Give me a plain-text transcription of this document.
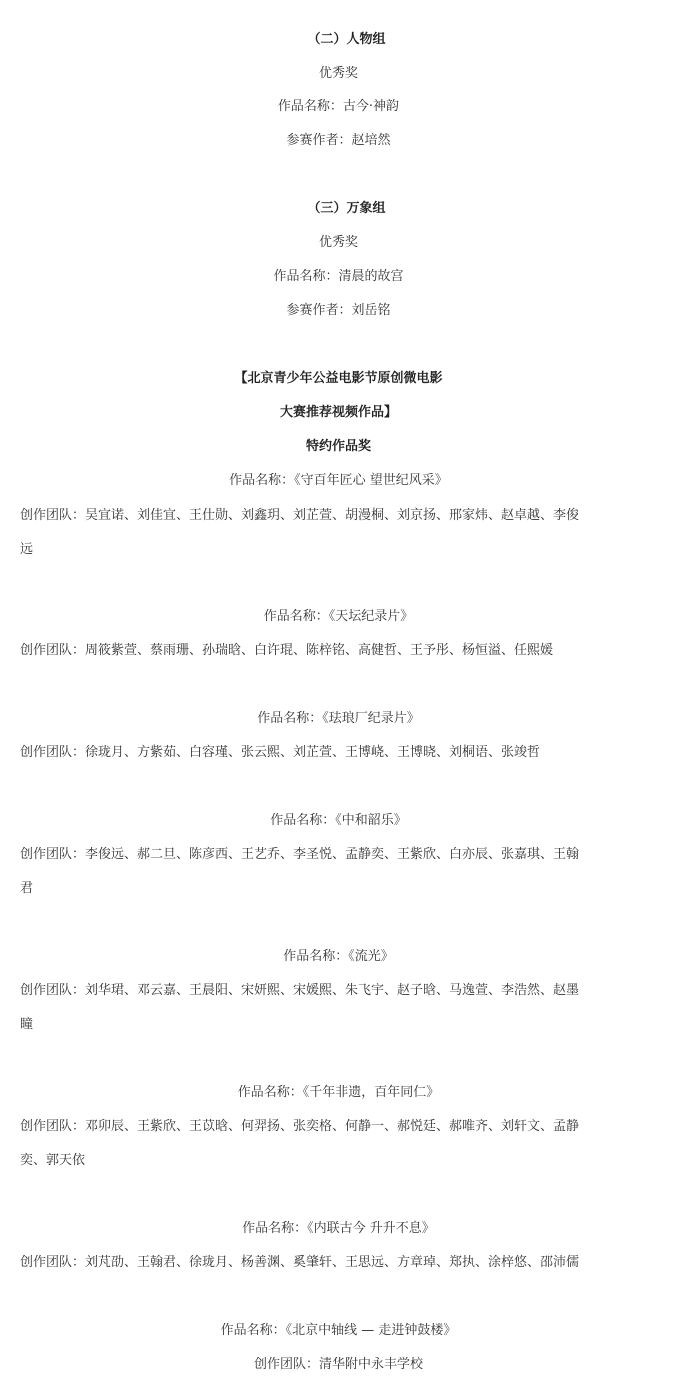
（二）人物组
优秀奖
作品名称：古今·神韵
参赛作者：赵培然
（三）万象组
优秀奖
作品名称：清晨的故宫
参赛作者：刘岳铭
【北京青少年公益电影节原创微电影
大赛推荐视频作品】
特约作品奖
作品名称：《守百年匠心 望世纪风采》
创作团队：吴宜诺、刘佳宜、王仕勋、刘鑫玥、刘芷萱、胡漫桐、刘京扬、邢家炜、赵卓越、李俊
远
作品名称：《天坛纪录片》
创作团队：周筱紫萱、蔡雨珊、孙瑞晗、白许琨、陈梓铭、高健哲、王予彤、杨恒溢、任熙媛
作品名称：《珐琅厂纪录片》
创作团队：徐珑月、方紫茹、白容瑾、张云熙、刘芷萱、王博峣、王博晓、刘桐语、张竣哲
作品名称：《中和韶乐》
创作团队：李俊远、郝二旦、陈彦西、王艺乔、李圣悦、孟静奕、王紫欣、白亦辰、张嘉琪、王翰
君
作品名称：《流光》
创作团队：刘华珺、邓云嘉、王晨阳、宋妍熙、宋媛熙、朱飞宇、赵子晗、马逸萱、李浩然、赵墨
瞳
作品名称：《千年非遗，百年同仁》
创作团队：邓卯辰、王紫欣、王苡晗、何羿扬、张奕格、何静一、郝悦廷、郝唯齐、刘轩文、孟静
奕、郭天依
作品名称：《内联古今 升升不息》
创作团队：刘芃劭、王翰君、徐珑月、杨善渊、奚肇轩、王思远、方章琸、郑执、涂梓悠、邵沛儒
作品名称：《北京中轴线 — 走进钟鼓楼》
创作团队：清华附中永丰学校
